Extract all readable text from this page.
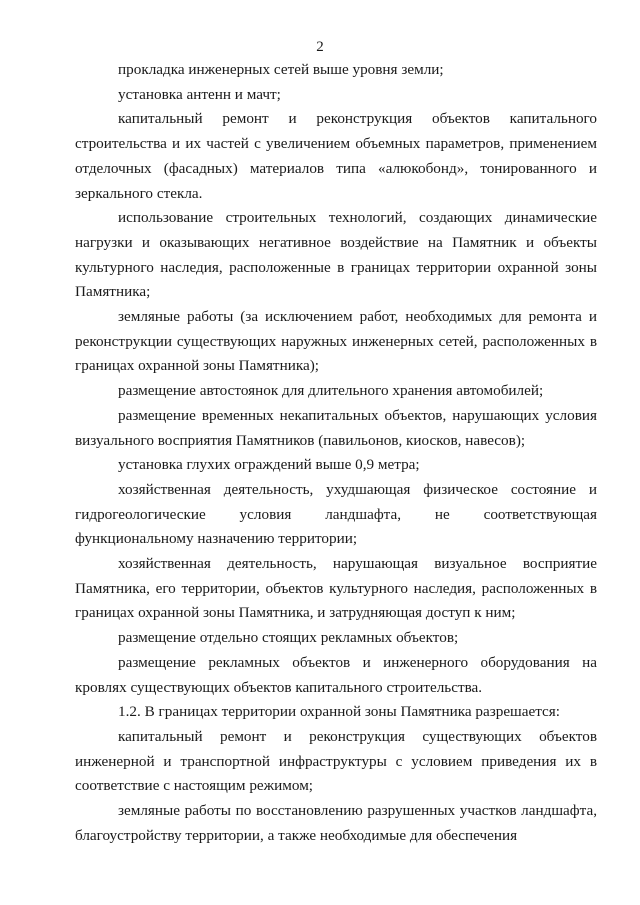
2

прокладка инженерных сетей выше уровня земли;

установка антенн и мачт;

капитальный ремонт и реконструкция объектов капитального строительства и их частей с увеличением объемных параметров, применением отделочных (фасадных) материалов типа «алюкобонд», тонированного и зеркального стекла.

использование строительных технологий, создающих динамические нагрузки и оказывающих негативное воздействие на Памятник и объекты культурного наследия, расположенные в границах территории охранной зоны Памятника;

земляные работы (за исключением работ, необходимых для ремонта и реконструкции существующих наружных инженерных сетей, расположенных в границах охранной зоны Памятника);

размещение автостоянок для длительного хранения автомобилей;

размещение временных некапитальных объектов, нарушающих условия визуального восприятия Памятников (павильонов, киосков, навесов);

установка глухих ограждений выше 0,9 метра;

хозяйственная деятельность, ухудшающая физическое состояние и гидрогеологические условия ландшафта, не соответствующая функциональному назначению территории;

хозяйственная деятельность, нарушающая визуальное восприятие Памятника, его территории, объектов культурного наследия, расположенных в границах охранной зоны Памятника, и затрудняющая доступ к ним;

размещение отдельно стоящих рекламных объектов;

размещение рекламных объектов и инженерного оборудования на кровлях существующих объектов капитального строительства.

1.2. В границах территории охранной зоны Памятника разрешается:

капитальный ремонт и реконструкция существующих объектов инженерной и транспортной инфраструктуры с условием приведения их в соответствие с настоящим режимом;

земляные работы по восстановлению разрушенных участков ландшафта, благоустройству территории, а также необходимые для обеспечения
